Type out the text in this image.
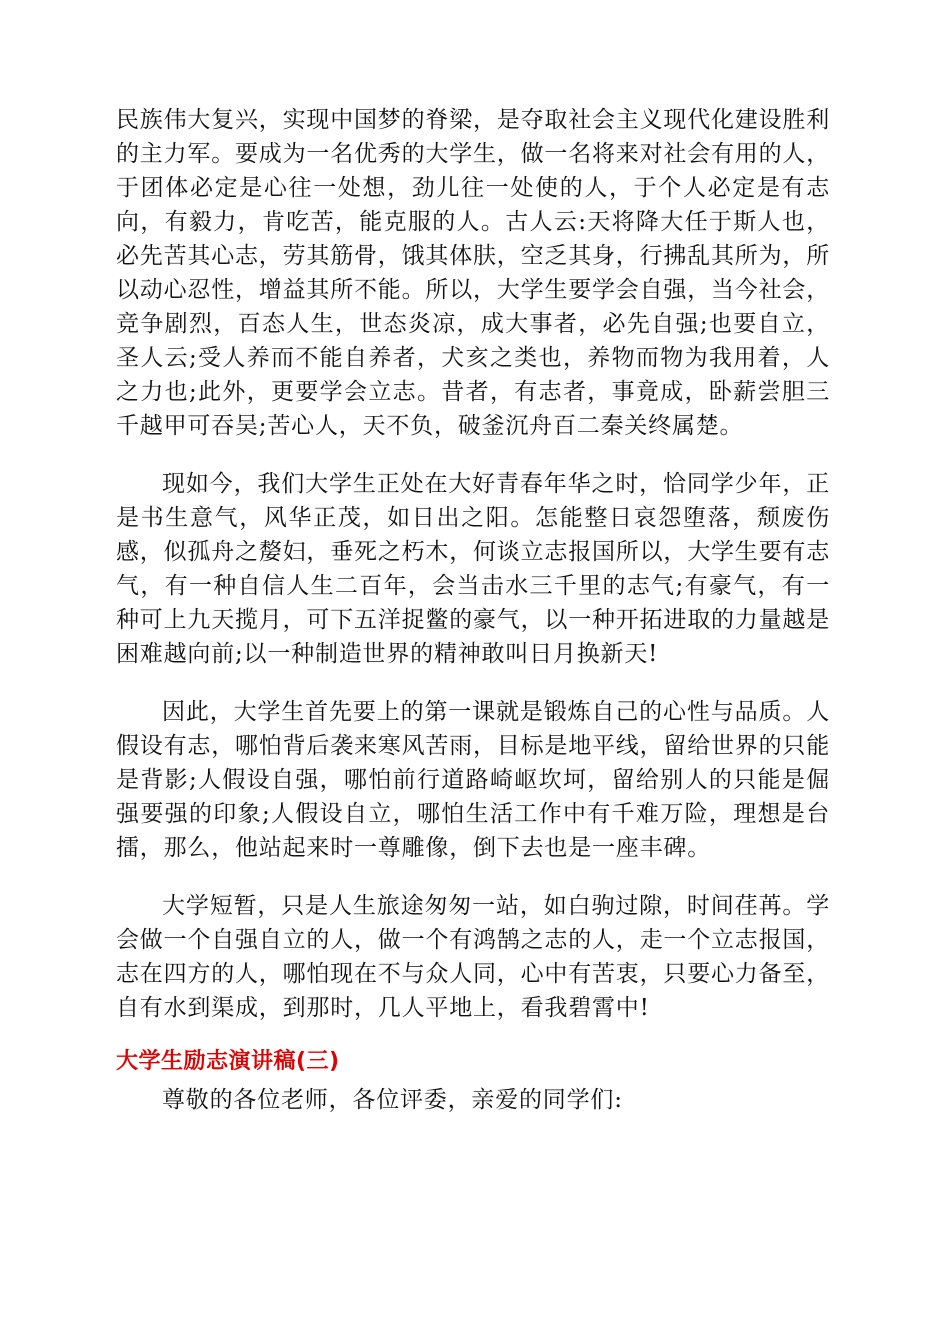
民族伟大复兴，实现中国梦的脊梁，是夺取社会主义现代化建设胜利的主力军。要成为一名优秀的大学生，做一名将来对社会有用的人，于团体必定是心往一处想，劲儿往一处使的人，于个人必定是有志向，有毅力，肯吃苦，能克服的人。古人云:天将降大任于斯人也，必先苦其心志，劳其筋骨，饿其体肤，空乏其身，行拂乱其所为，所以动心忍性，增益其所不能。所以，大学生要学会自强，当今社会，竞争剧烈，百态人生，世态炎凉，成大事者，必先自强;也要自立，圣人云;受人养而不能自养者，犬亥之类也，养物而物为我用着，人之力也;此外，更要学会立志。昔者，有志者，事竟成，卧薪尝胆三千越甲可吞吴;苦心人，天不负，破釜沉舟百二秦关终属楚。

现如今，我们大学生正处在大好青春年华之时，恰同学少年，正是书生意气，风华正茂，如日出之阳。怎能整日哀怨堕落，颓废伤感，似孤舟之嫠妇，垂死之朽木，何谈立志报国所以，大学生要有志气，有一种自信人生二百年，会当击水三千里的志气;有豪气，有一种可上九天揽月，可下五洋捉鳖的豪气，以一种开拓进取的力量越是困难越向前;以一种制造世界的精神敢叫日月换新天!

因此，大学生首先要上的第一课就是锻炼自己的心性与品质。人假设有志，哪怕背后袭来寒风苦雨，目标是地平线，留给世界的只能是背影;人假设自强，哪怕前行道路崎岖坎坷，留给别人的只能是倔强要强的印象;人假设自立，哪怕生活工作中有千难万险，理想是台擂，那么，他站起来时一尊雕像，倒下去也是一座丰碑。

大学短暂，只是人生旅途匆匆一站，如白驹过隙，时间荏苒。学会做一个自强自立的人，做一个有鸿鹄之志的人，走一个立志报国，志在四方的人，哪怕现在不与众人同，心中有苦衷，只要心力备至，自有水到渠成，到那时，几人平地上，看我碧霄中!

大学生励志演讲稿(三)

尊敬的各位老师，各位评委，亲爱的同学们:
